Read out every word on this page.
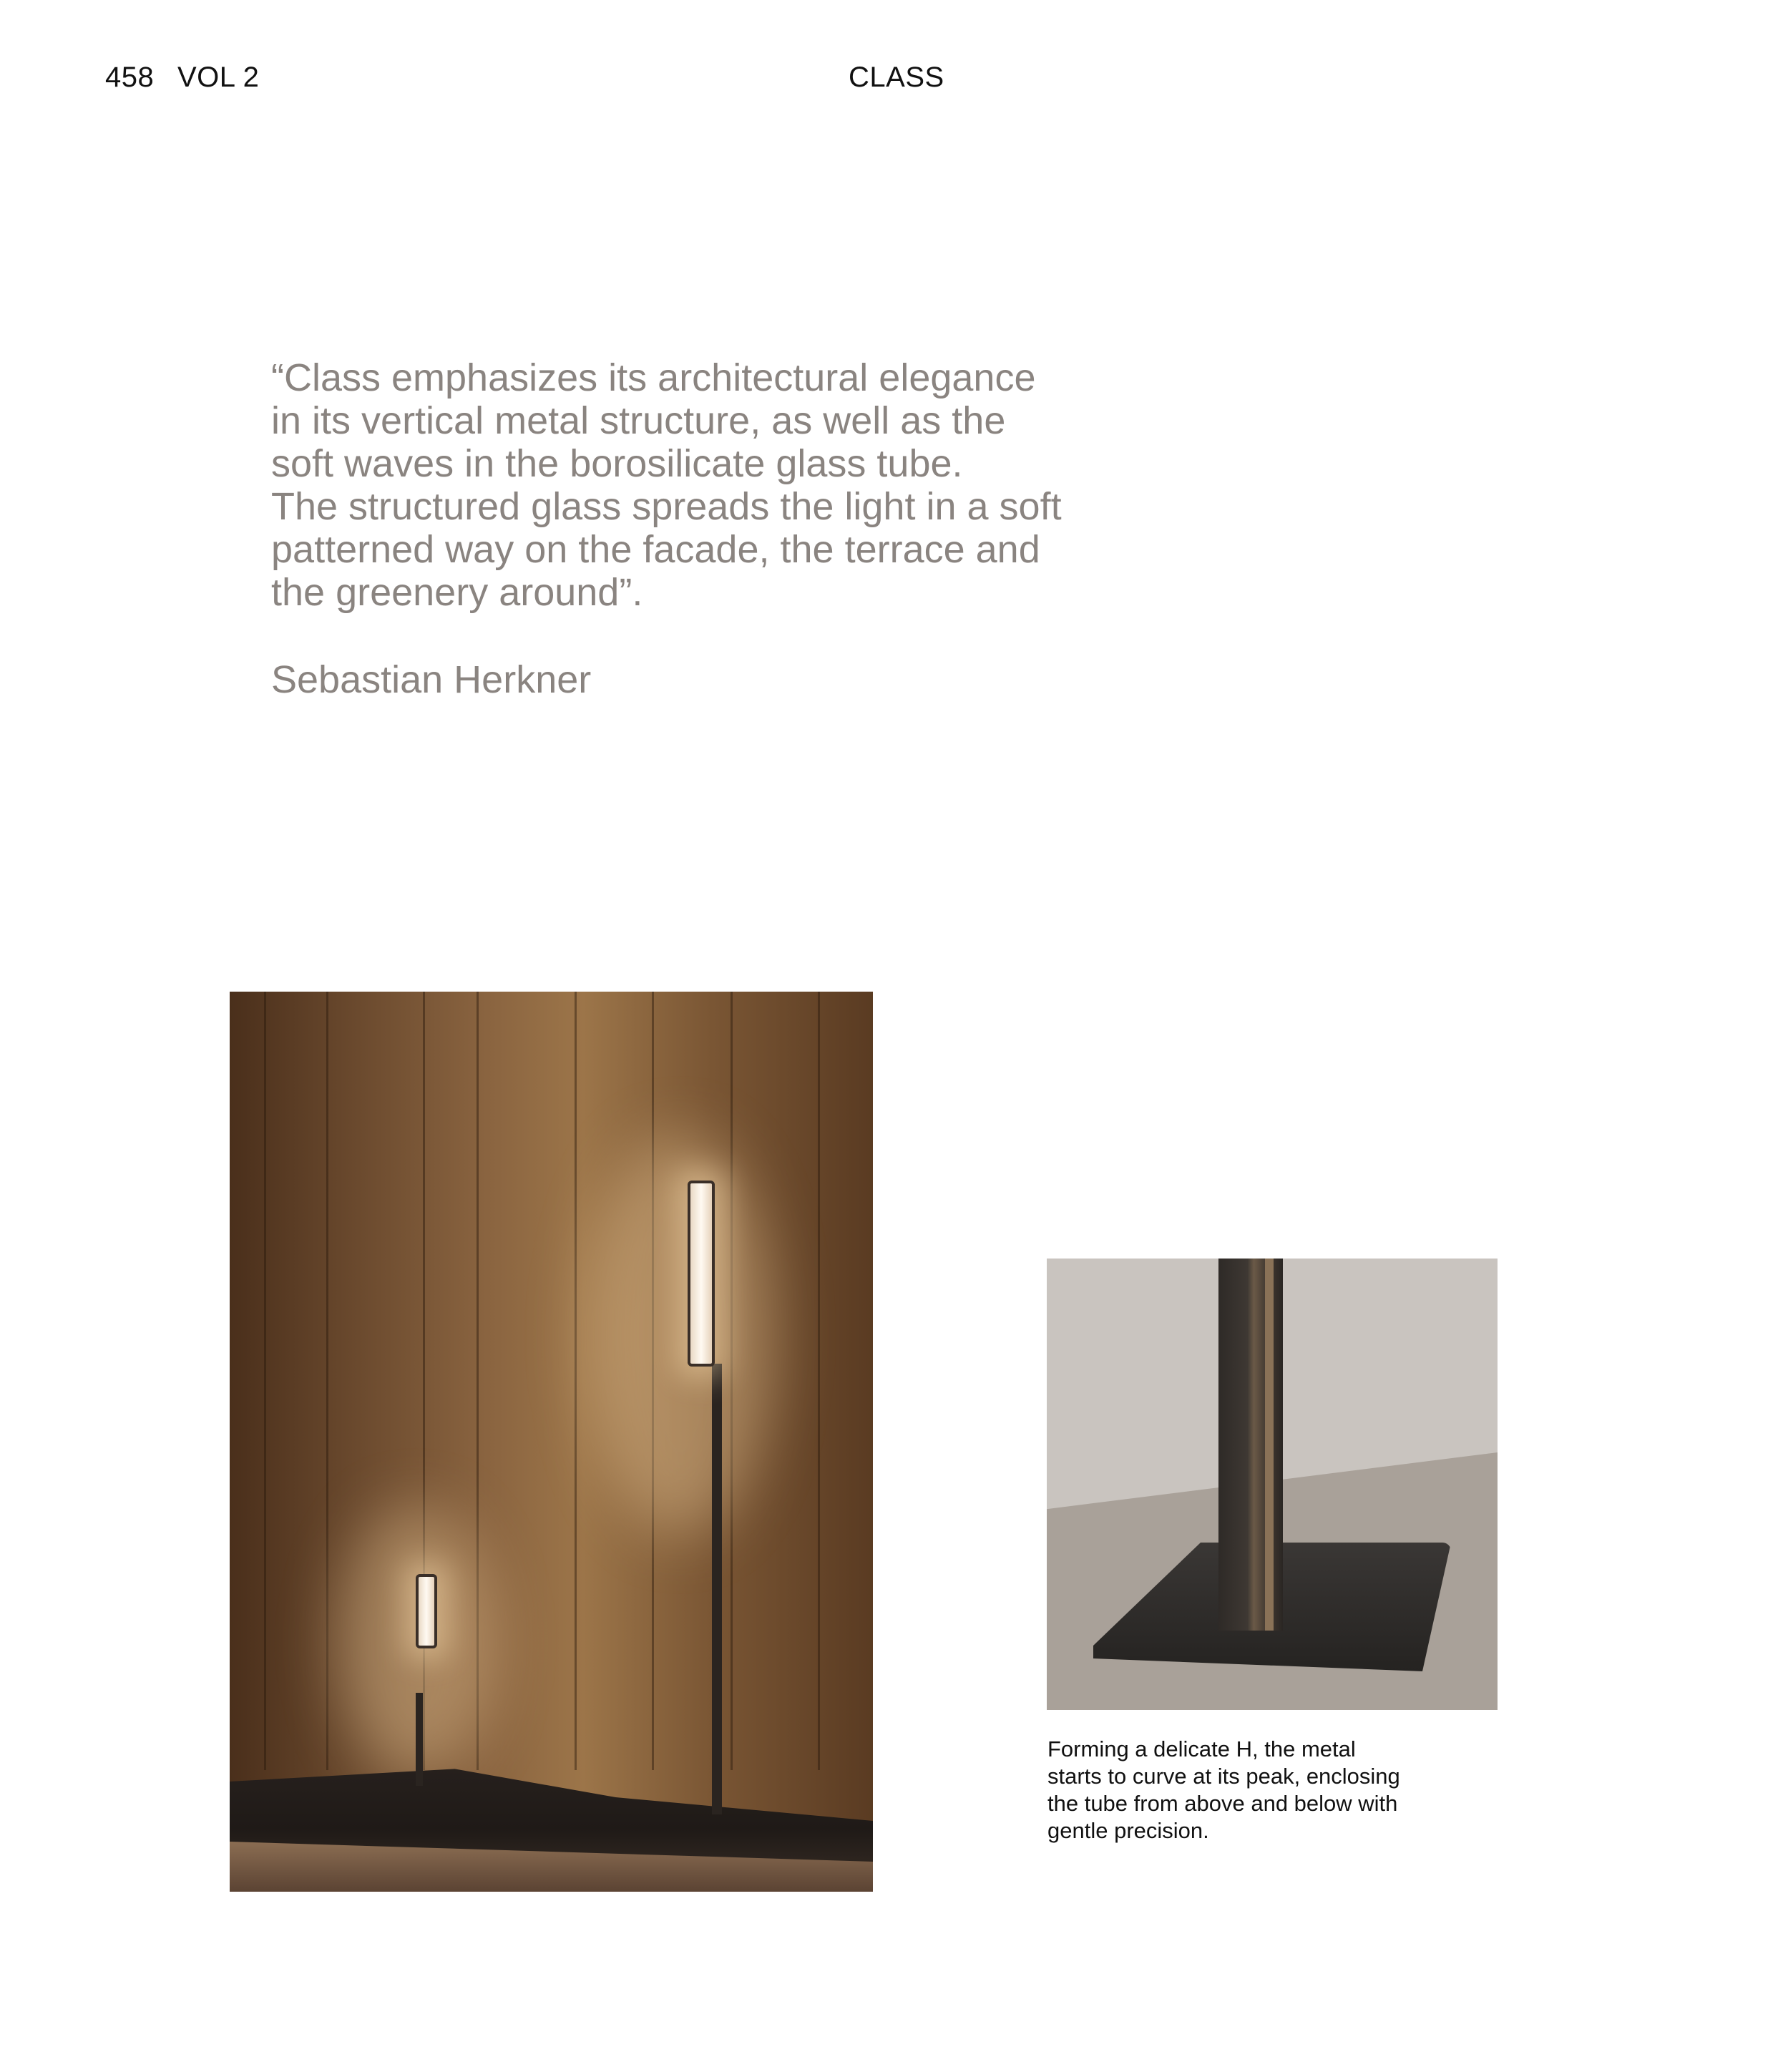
458 VOL 2	CLASS
“Class emphasizes its architectural elegance
in its vertical metal structure, as well as the
soft waves in the borosilicate glass tube.
The structured glass spreads the light in a soft
patterned way on the facade, the terrace and
the greenery around”.
Sebastian Herkner
Forming a delicate H, the metal
starts to curve at its peak, enclosing
the tube from above and below with
gentle precision.
